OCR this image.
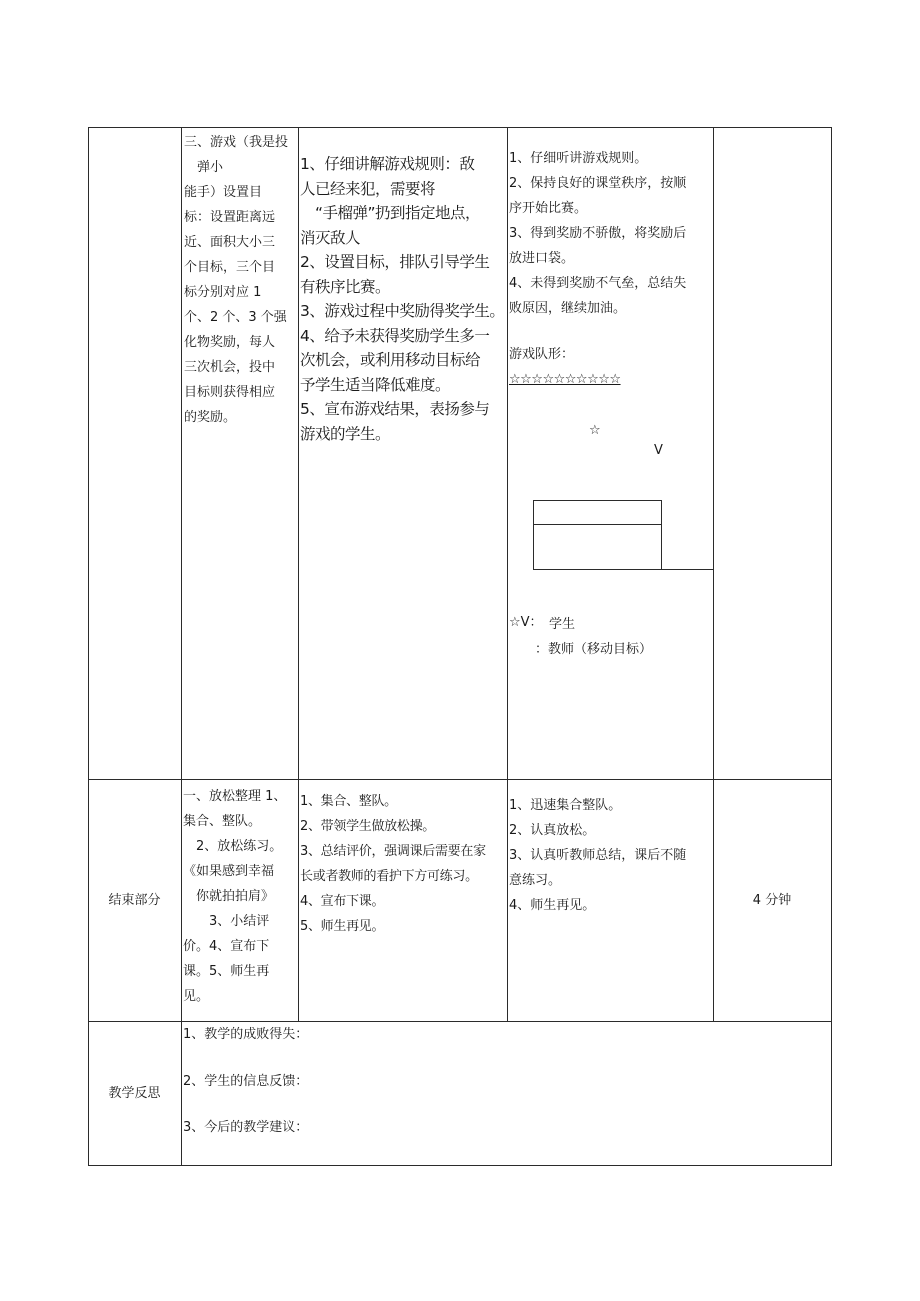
三、游戏（我是投
　弹小
能手）设置目
标：设置距离远
近、面积大小三
个目标，三个目
标分别对应 1
个、2 个、3 个强
化物奖励，每人
三次机会，投中
目标则获得相应
的奖励。
1、仔细讲解游戏规则：敌
人已经来犯，需要将
　“手榴弹”扔到指定地点，
消灭敌人
2、设置目标，排队引导学生
有秩序比赛。
3、游戏过程中奖励得奖学生。
4、给予未获得奖励学生多一
次机会，或利用移动目标给
予学生适当降低难度。
5、宣布游戏结果，表扬参与
游戏的学生。
1、仔细听讲游戏规则。
2、保持良好的课堂秩序，按顺
序开始比赛。
3、得到奖励不骄傲，将奖励后
放进口袋。
4、未得到奖励不气垒，总结失
败原因，继续加油。
游戏队形：
☆☆☆☆☆☆☆☆☆☆
☆
V
☆V： 学生
：教师（移动目标）
结束部分
一、放松整理 1、
集合、整队。
　2、放松练习。
《如果感到幸福
　你就拍拍肩》
　　3、小结评
价。4、宣布下
课。5、师生再
见。
1、集合、整队。
2、带领学生做放松操。
3、总结评价，强调课后需要在家
长或者教师的看护下方可练习。
4、宣布下课。
5、师生再见。
1、迅速集合整队。
2、认真放松。
3、认真听教师总结，课后不随
意练习。
4、师生再见。	4 分钟
教学反思
1、教学的成败得失：
2、学生的信息反馈：
3、今后的教学建议：
